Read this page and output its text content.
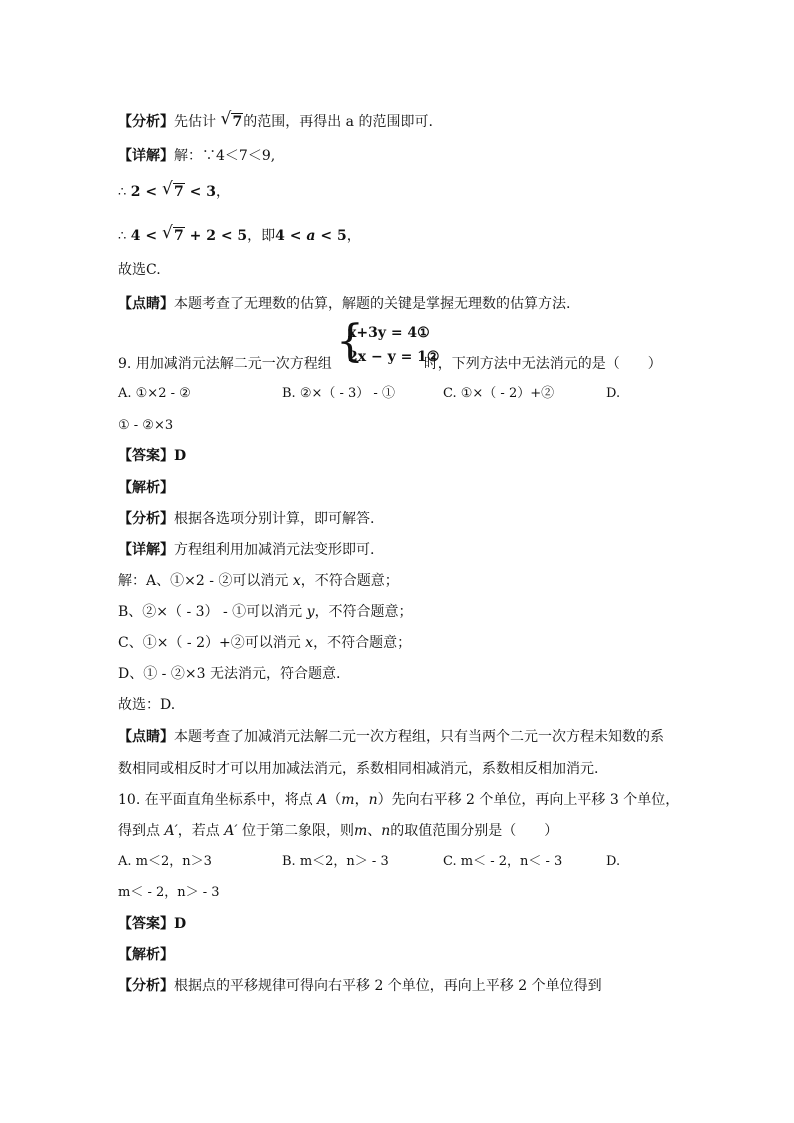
【分析】先估计 √ 7的范围，再得出 a 的范围即可.
【详解】解：∵4＜7＜9,
∴ 2 < √ 7 < 3，
∴ 4 < √ 7 + 2 < 5，即4 < a < 5，
故选C.
【点睛】本题考查了无理数的估算，解题的关键是掌握无理数的估算方法.
{
x+3y = 4①
2x − y = 1②
9. 用加减消元法解二元一次方程组	时，下列方法中无法消元的是（　　）
A. ①×2 - ②	B. ②×（ - 3） - ①	C. ①×（ - 2）+②	D.
① - ②×3
【答案】D
【解析】
【分析】根据各选项分别计算，即可解答.
【详解】方程组利用加减消元法变形即可.
解：A、①×2 - ②可以消元 x，不符合题意；
B、②×（ - 3） - ①可以消元 y，不符合题意；
C、①×（ - 2）+②可以消元 x，不符合题意；
D、① - ②×3 无法消元，符合题意.
故选：D.
【点睛】本题考查了加减消元法解二元一次方程组，只有当两个二元一次方程未知数的系
数相同或相反时才可以用加减法消元，系数相同相减消元，系数相反相加消元.
10. 在平面直角坐标系中，将点 A（m，n）先向右平移 2 个单位，再向上平移 3 个单位，
得到点 A′，若点 A′ 位于第二象限，则m、n的取值范围分别是（　　）
A. m＜2，n＞3	B. m＜2，n＞ - 3	C. m＜ - 2，n＜ - 3	D.
m＜ - 2，n＞ - 3
【答案】D
【解析】
【分析】根据点的平移规律可得向右平移 2 个单位，再向上平移 2 个单位得到
